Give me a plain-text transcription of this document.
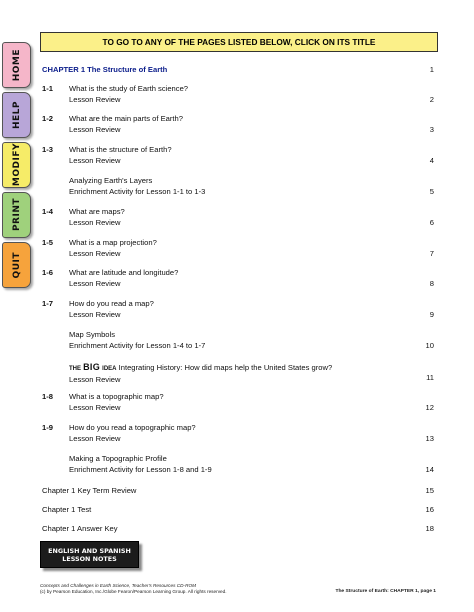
HOME
HELP
MODIFY
PRINT
QUIT
TO GO TO ANY OF THE PAGES LISTED BELOW, CLICK ON ITS TITLE
CHAPTER 1 The Structure of Earth	1
1-1 What is the study of Earth science?
Lesson Review	2
1-2 What are the main parts of Earth?
Lesson Review	3
1-3 What is the structure of Earth?
Lesson Review	4
Analyzing Earth's Layers
Enrichment Activity for Lesson 1-1 to 1-3	5
1-4 What are maps?
Lesson Review	6
1-5 What is a map projection?
Lesson Review	7
1-6 What are latitude and longitude?
Lesson Review	8
1-7 How do you read a map?
Lesson Review	9
Map Symbols
Enrichment Activity for Lesson 1-4 to 1-7	10
THE BIG IDEA Integrating History: How did maps help the United States grow?
Lesson Review	11
1-8 What is a topographic map?
Lesson Review	12
1-9 How do you read a topographic map?
Lesson Review	13
Making a Topographic Profile
Enrichment Activity for Lesson 1-8 and 1-9	14
Chapter 1 Key Term Review	15
Chapter 1 Test	16
Chapter 1 Answer Key	18
ENGLISH AND SPANISH
LESSON NOTES
Concepts and Challenges in Earth Science, Teacher's Resources CD-ROM
(c) by Pearson Education, Inc./Globe Fearon/Pearson Learning Group. All rights reserved.	The Structure of Earth: CHAPTER 1, page 1
